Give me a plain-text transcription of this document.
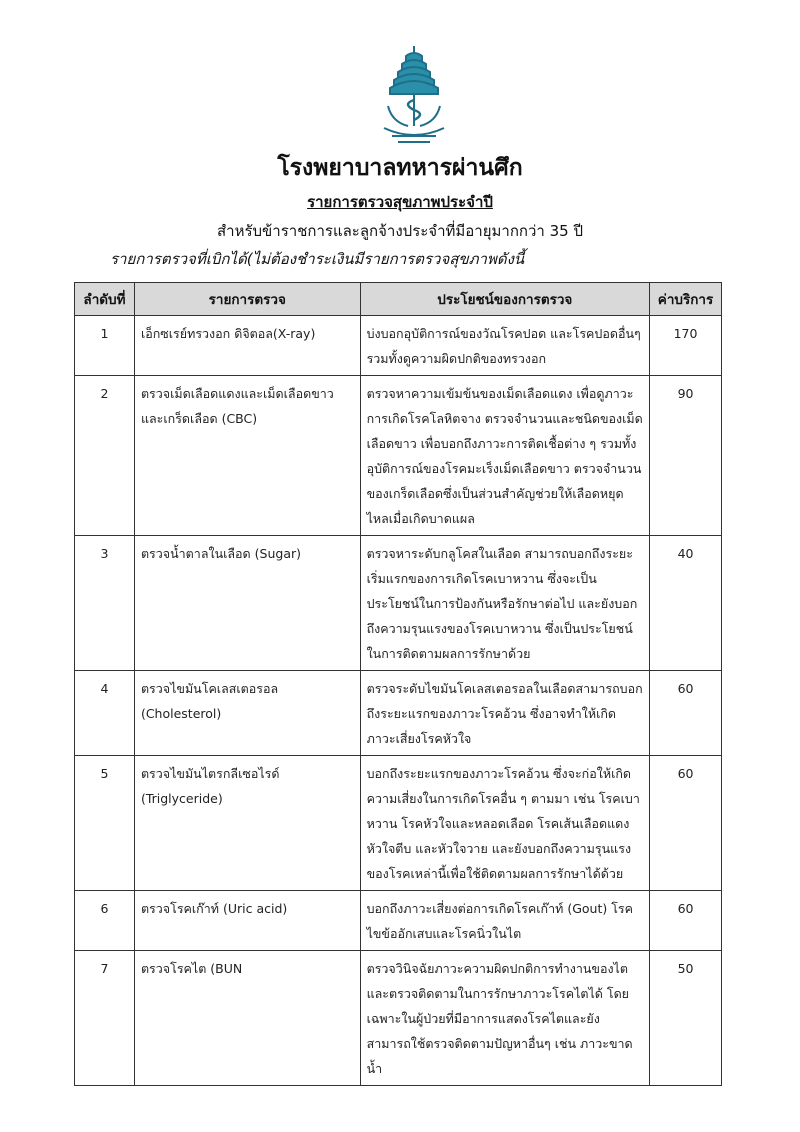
โรงพยาบาลทหารผ่านศึก
รายการตรวจสุขภาพประจำปี
สำหรับข้าราชการและลูกจ้างประจำที่มีอายุมากกว่า 35 ปี
รายการตรวจที่เบิกได้(ไม่ต้องชำระเงินมีรายการตรวจสุขภาพดังนี้
ลำดับที่	รายการตรวจ	ประโยชน์ของการตรวจ	ค่าบริการ
1	เอ็กซเรย์ทรวงอก ดิจิตอล(X-ray)	บ่งบอกอุบัติการณ์ของวัณโรคปอด และโรคปอดอื่นๆ รวมทั้งดูความผิดปกติของทรวงอก	170
2	ตรวจเม็ดเลือดแดงและเม็ดเลือดขาวและเกร็ดเลือด (CBC)	ตรวจหาความเข้มข้นของเม็ดเลือดแดง เพื่อดูภาวะการเกิดโรคโลหิตจาง ตรวจจำนวนและชนิดของเม็ดเลือดขาว เพื่อบอกถึงภาวะการติดเชื้อต่าง ๆ รวมทั้งอุบัติการณ์ของโรคมะเร็งเม็ดเลือดขาว ตรวจจำนวนของเกร็ดเลือดซึ่งเป็นส่วนสำคัญช่วยให้เลือดหยุดไหลเมื่อเกิดบาดแผล	90
3	ตรวจน้ำตาลในเลือด (Sugar)	ตรวจหาระดับกลูโคสในเลือด สามารถบอกถึงระยะเริ่มแรกของการเกิดโรคเบาหวาน ซึ่งจะเป็นประโยชน์ในการป้องกันหรือรักษาต่อไป และยังบอกถึงความรุนแรงของโรคเบาหวาน ซึ่งเป็นประโยชน์ ในการติดตามผลการรักษาด้วย	40
4	ตรวจไขมันโคเลสเตอรอล (Cholesterol)	ตรวจระดับไขมันโคเลสเตอรอลในเลือดสามารถบอกถึงระยะแรกของภาวะโรคอ้วน ซึ่งอาจทำให้เกิดภาวะเสี่ยงโรคหัวใจ	60
5	ตรวจไขมันไตรกลีเซอไรด์ (Triglyceride)	บอกถึงระยะแรกของภาวะโรคอ้วน ซึ่งจะก่อให้เกิดความเสี่ยงในการเกิดโรคอื่น ๆ ตามมา เช่น โรคเบาหวาน โรคหัวใจและหลอดเลือด โรคเส้นเลือดแดง หัวใจตีบ และหัวใจวาย และยังบอกถึงความรุนแรงของโรคเหล่านี้เพื่อใช้ติดตามผลการรักษาได้ด้วย	60
6	ตรวจโรคเก๊าท์ (Uric acid)	บอกถึงภาวะเสี่ยงต่อการเกิดโรคเก๊าท์ (Gout) โรคไขข้ออักเสบและโรคนิ่วในไต	60
7	ตรวจโรคไต (BUN	ตรวจวินิจฉัยภาวะความผิดปกติการทำงานของไต และตรวจติดตามในการรักษาภาวะโรคไตได้ โดยเฉพาะในผู้ป่วยที่มีอาการแสดงโรคไตและยังสามารถใช้ตรวจติดตามปัญหาอื่นๆ เช่น ภาวะขาดน้ำ	50
